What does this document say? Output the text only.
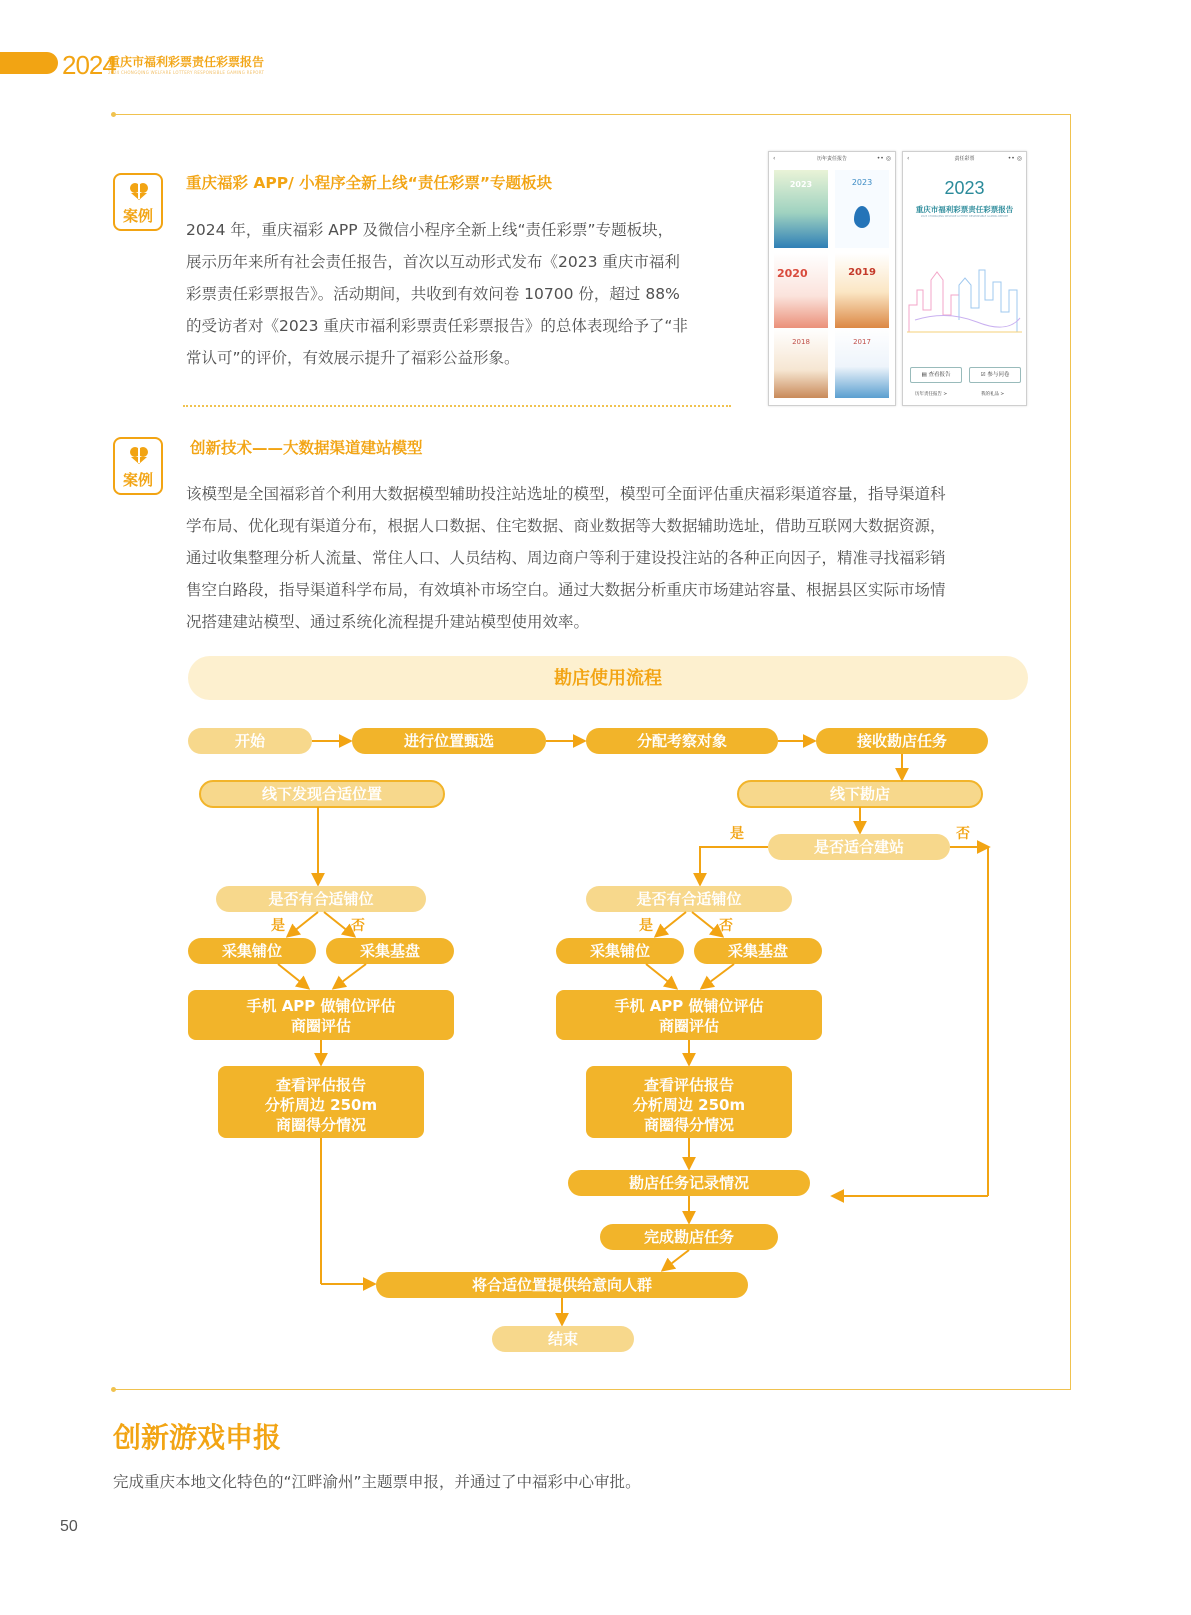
2024
重庆市福利彩票责任彩票报告
2024 CHONGQING WELFARE LOTTERY RESPONSIBLE GAMING REPORT
案例
重庆福彩 APP/ 小程序全新上线“责任彩票”专题板块
2024 年，重庆福彩 APP 及微信小程序全新上线“责任彩票”专题板块，
展示历年来所有社会责任报告，首次以互动形式发布《2023 重庆市福利
彩票责任彩票报告》。活动期间，共收到有效问卷 10700 份，超过 88%
的受访者对《2023 重庆市福利彩票责任彩票报告》的总体表现给予了“非
常认可”的评价，有效展示提升了福彩公益形象。
‹	历年责任报告	•• ◎
2023	2023
2020	2019
2018	2017
‹	责任彩票	•• ◎
2023
重庆市福利彩票责任彩票报告
2023 CHONGQING WELFARE LOTTERY RESPONSIBLE GAMING REPORT
▤ 查看报告	☑ 参与问卷
历年责任报告 >	我的礼品 >
案例
创新技术——大数据渠道建站模型
该模型是全国福彩首个利用大数据模型辅助投注站选址的模型，模型可全面评估重庆福彩渠道容量，指导渠道科
学布局、优化现有渠道分布，根据人口数据、住宅数据、商业数据等大数据辅助选址，借助互联网大数据资源，
通过收集整理分析人流量、常住人口、人员结构、周边商户等利于建设投注站的各种正向因子，精准寻找福彩销
售空白路段，指导渠道科学布局，有效填补市场空白。通过大数据分析重庆市场建站容量、根据县区实际市场情
况搭建建站模型、通过系统化流程提升建站模型使用效率。
勘店使用流程
开始	进行位置甄选	分配考察对象	接收勘店任务
线下发现合适位置	线下勘店
是否适合建站
是	否
是否有合适铺位
是	否
采集铺位	采集基盘
手机 APP 做铺位评估
商圈评估
查看评估报告
分析周边 250m
商圈得分情况
是否有合适铺位
是	否
采集铺位	采集基盘
手机 APP 做铺位评估
商圈评估
查看评估报告
分析周边 250m
商圈得分情况
勘店任务记录情况
完成勘店任务
将合适位置提供给意向人群
结束
创新游戏申报
完成重庆本地文化特色的“江畔渝州”主题票申报，并通过了中福彩中心审批。
50
